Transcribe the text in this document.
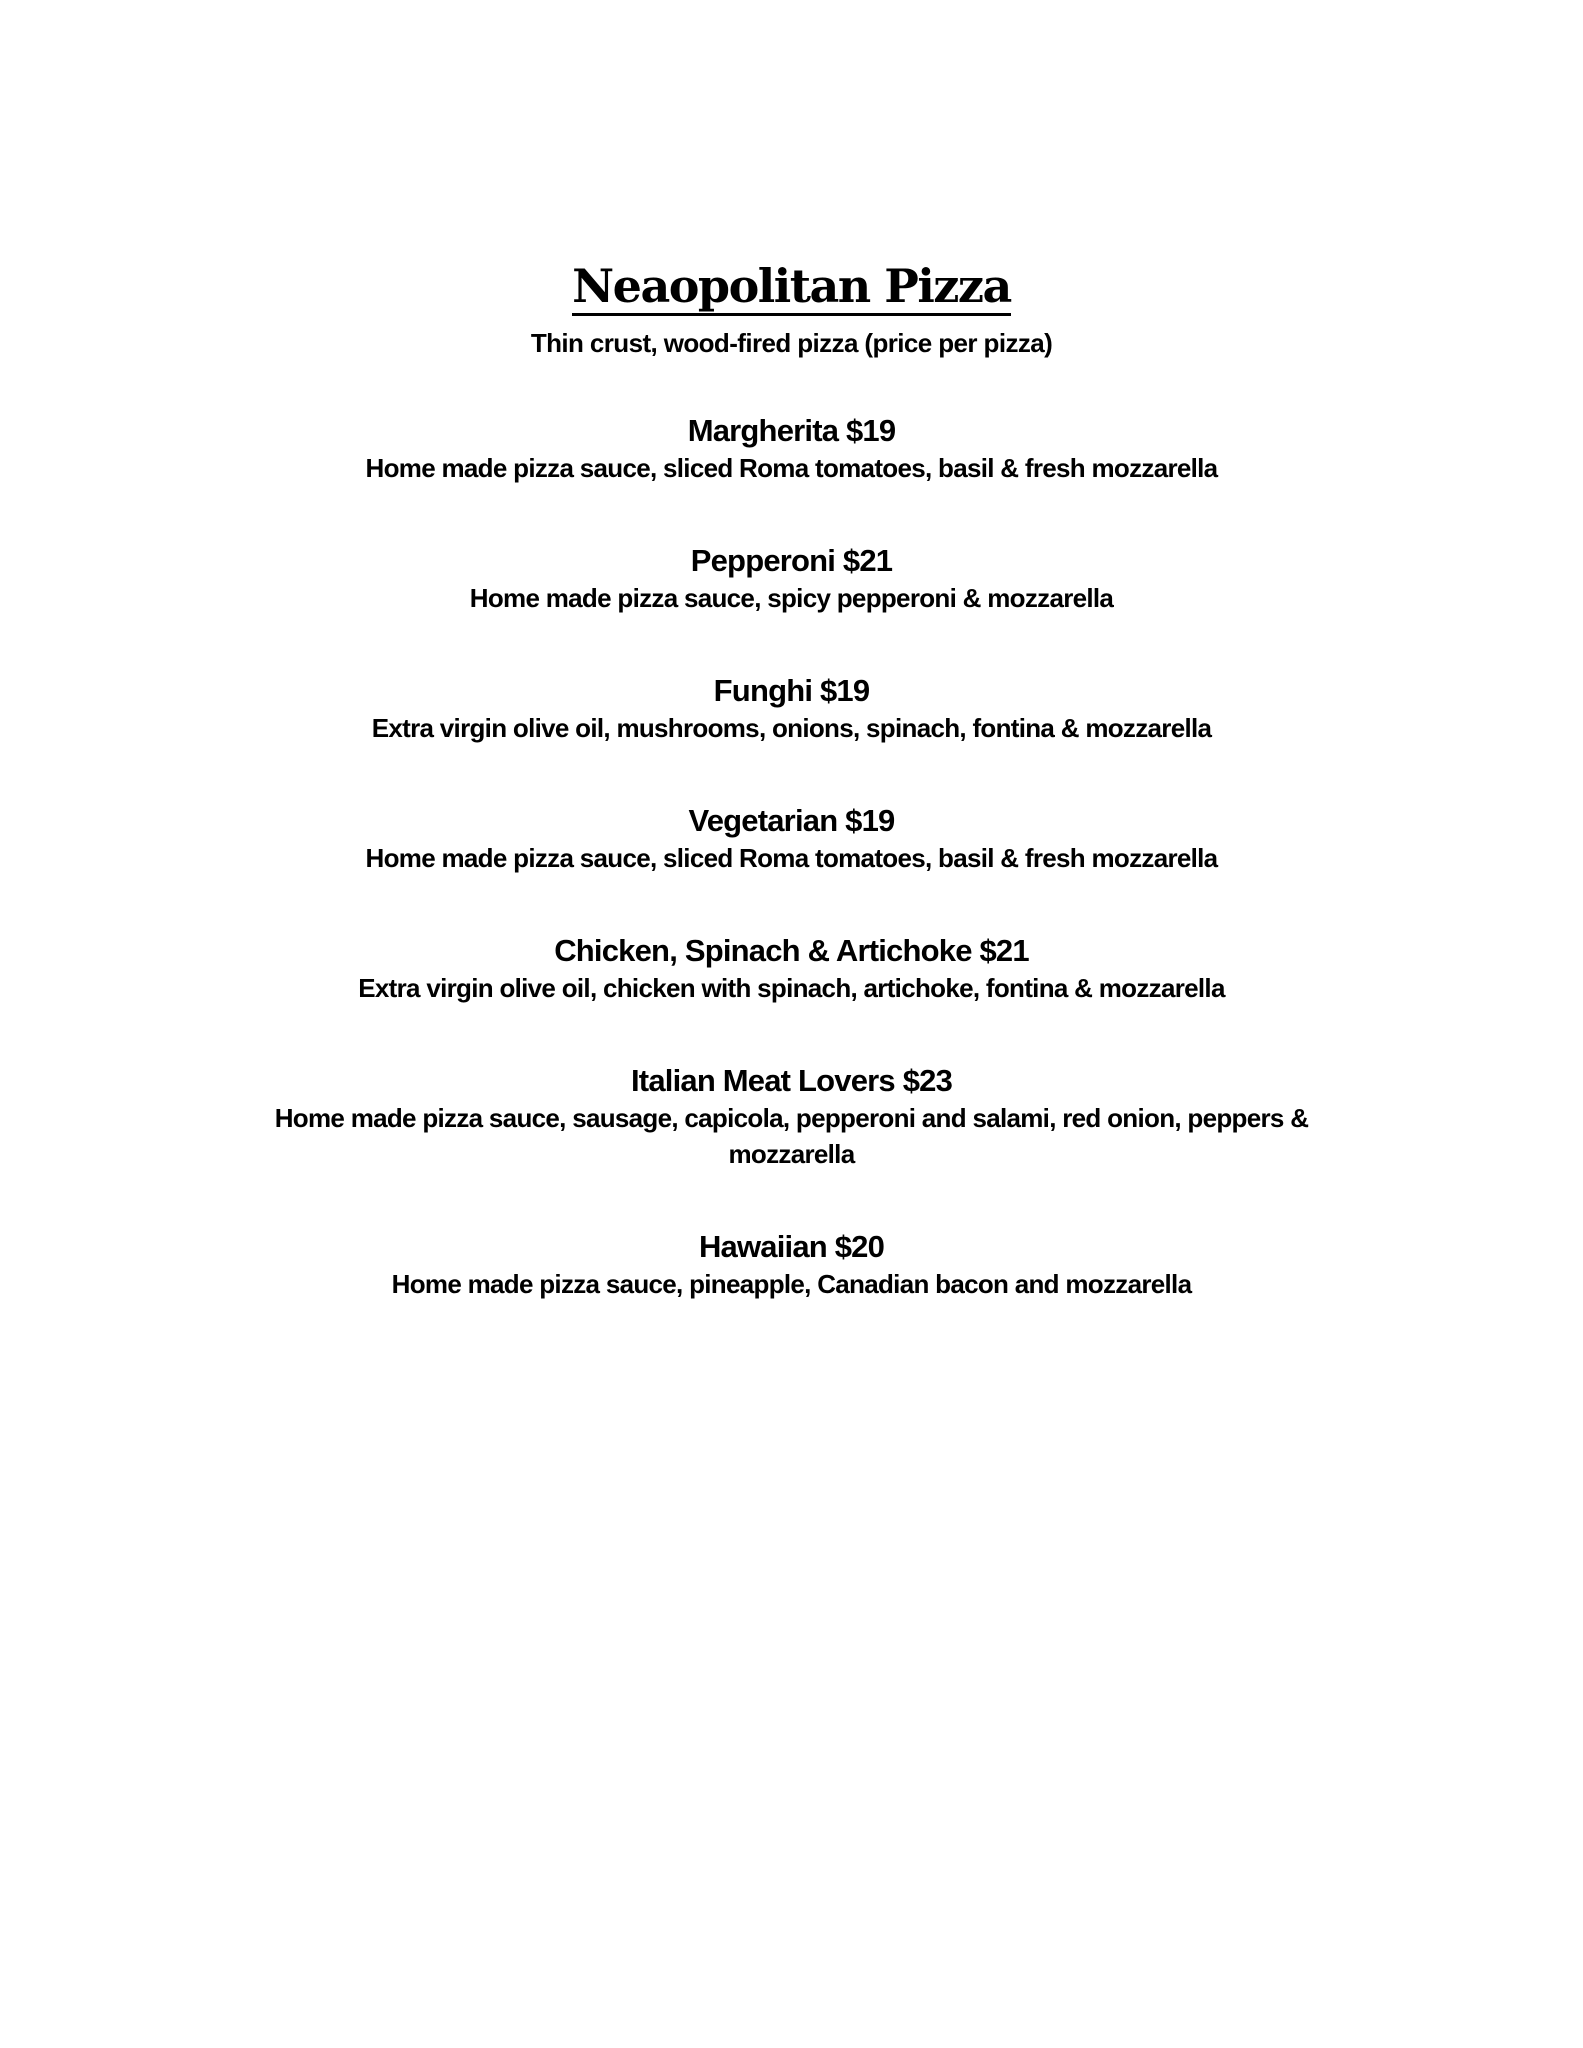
Neaopolitan Pizza
Thin crust, wood-fired pizza (price per pizza)
Margherita $19
Home made pizza sauce, sliced Roma tomatoes, basil & fresh mozzarella
Pepperoni $21
Home made pizza sauce, spicy pepperoni & mozzarella
Funghi $19
Extra virgin olive oil, mushrooms, onions, spinach, fontina & mozzarella
Vegetarian $19
Home made pizza sauce, sliced Roma tomatoes, basil & fresh mozzarella
Chicken, Spinach & Artichoke $21
Extra virgin olive oil, chicken with spinach, artichoke, fontina & mozzarella
Italian Meat Lovers $23
Home made pizza sauce, sausage, capicola, pepperoni and salami, red onion, peppers & mozzarella
Hawaiian $20
Home made pizza sauce, pineapple, Canadian bacon and mozzarella
